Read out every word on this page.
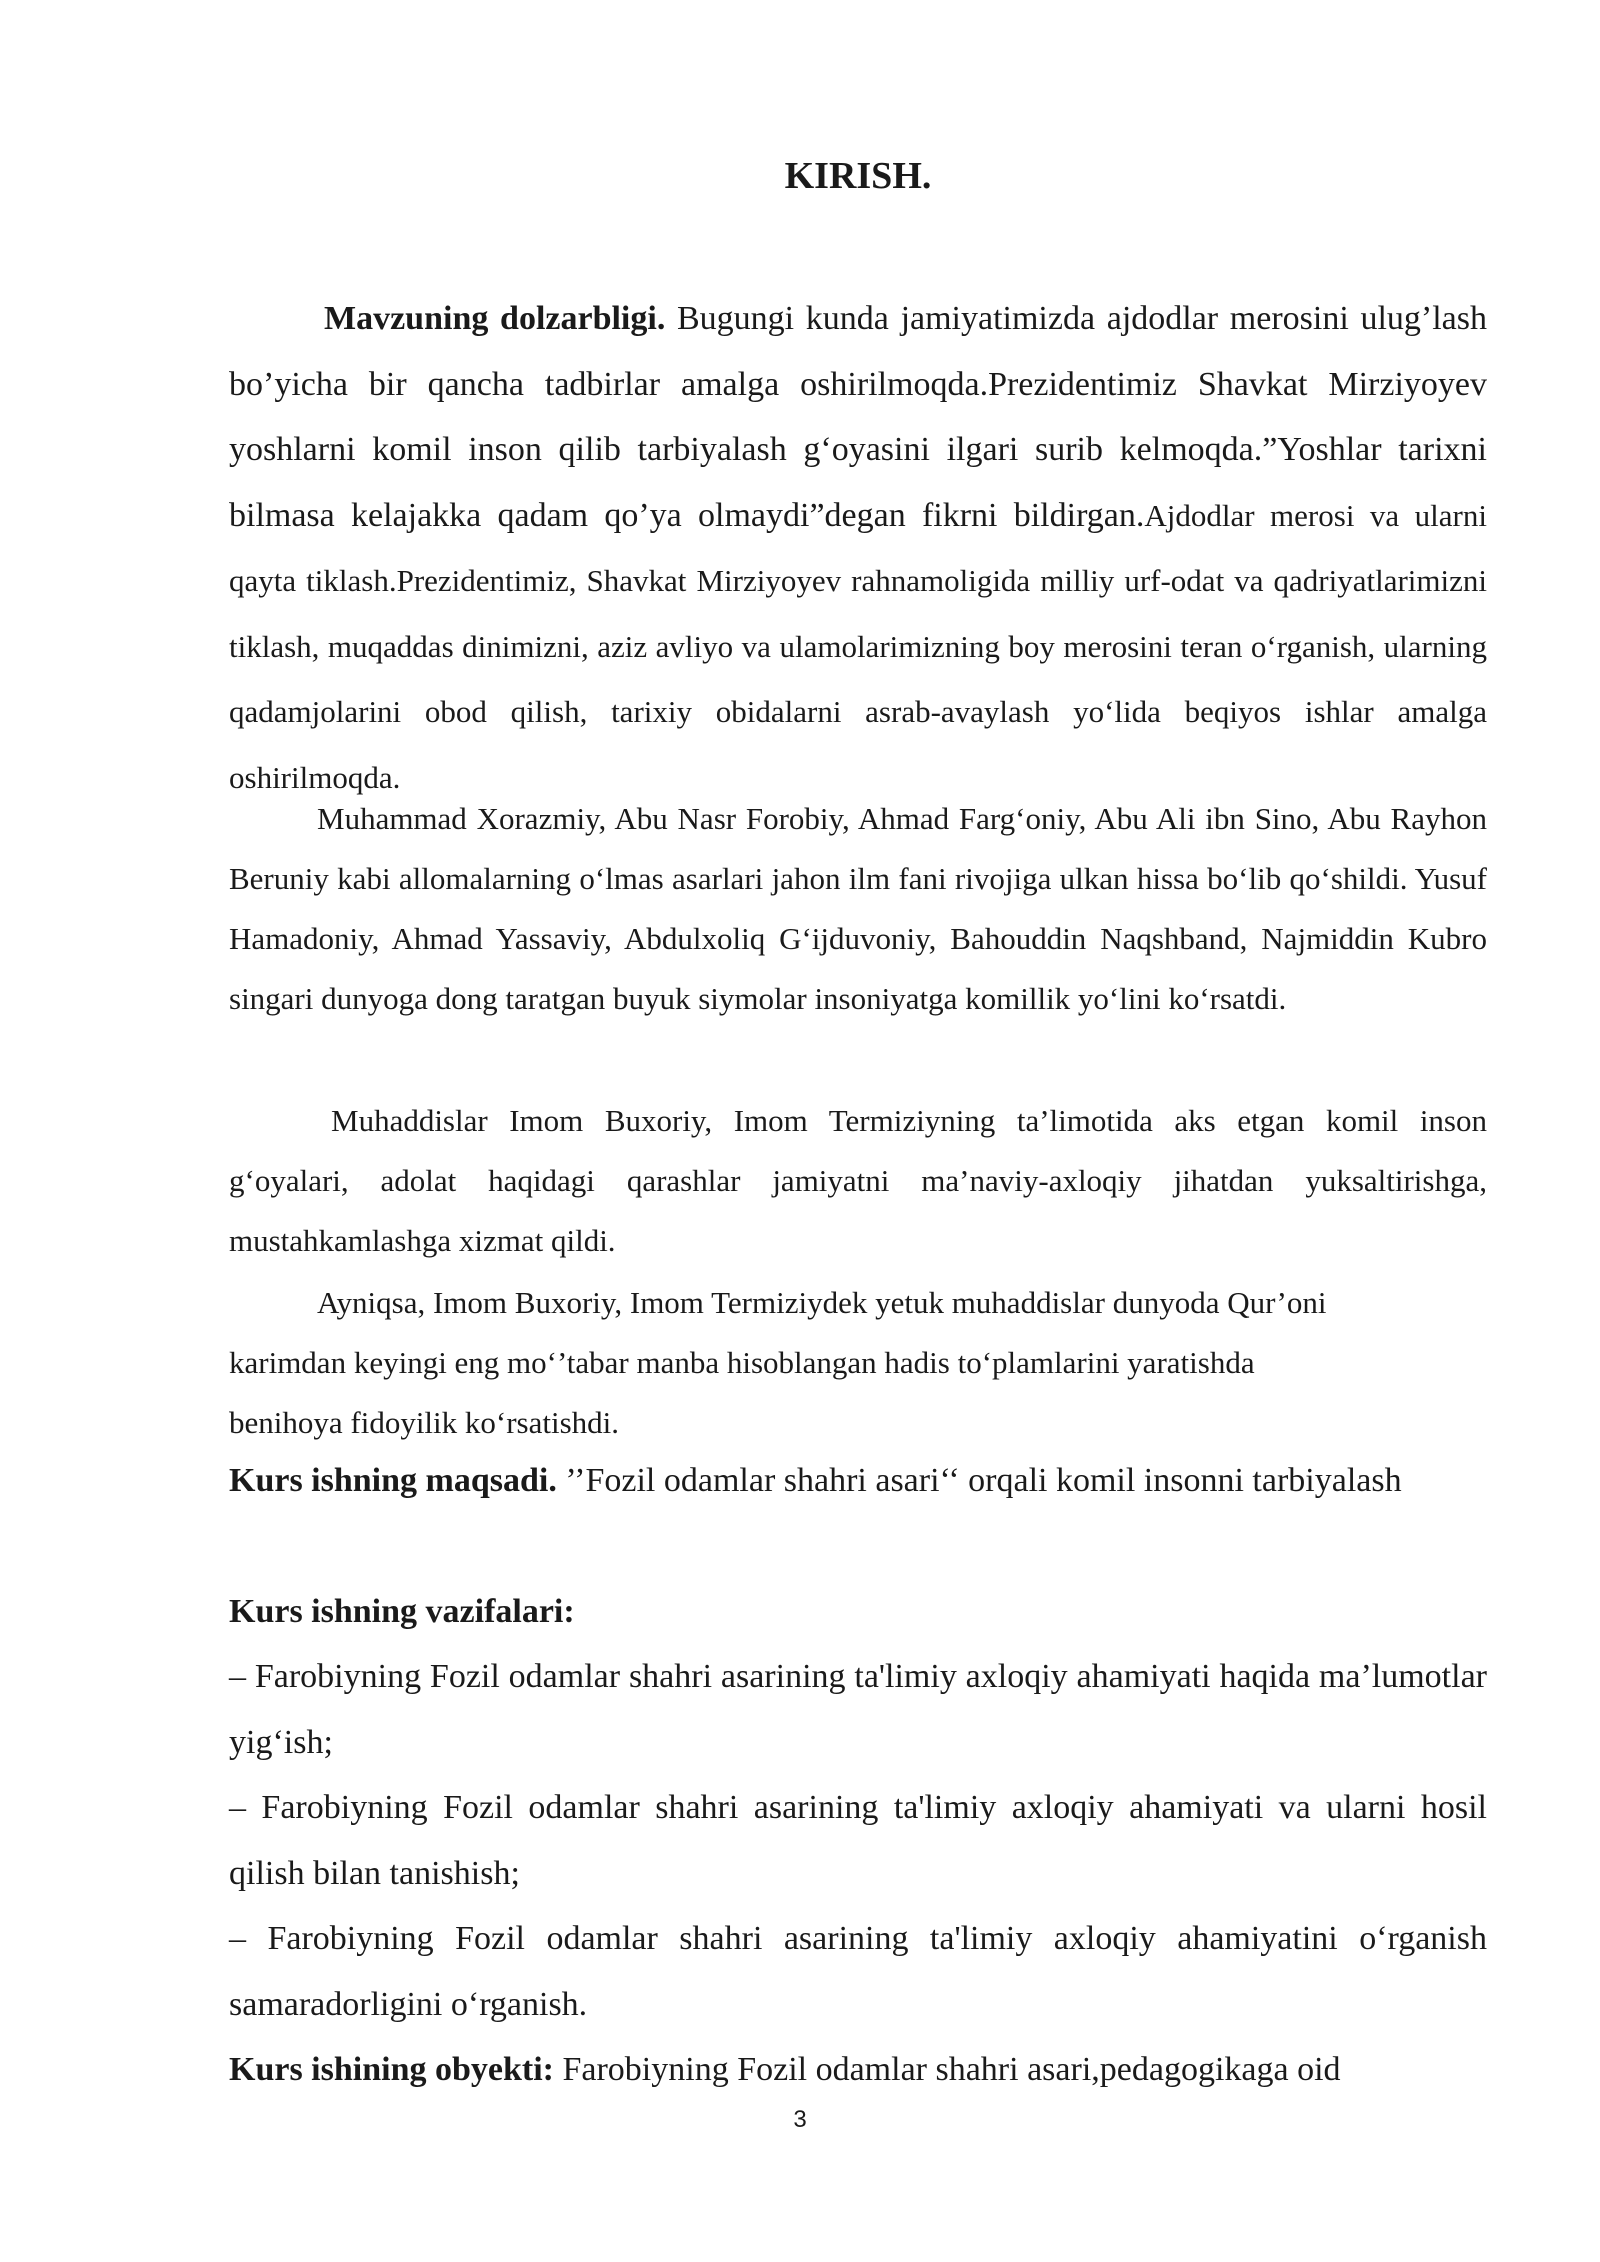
KIRISH.
Mavzuning dolzarbligi. Bugungi kunda jamiyatimizda ajdodlar merosini ulug’lash bo’yicha bir qancha tadbirlar amalga oshirilmoqda.Prezidentimiz Shavkat Mirziyoyev yoshlarni komil inson qilib tarbiyalash g‘oyasini ilgari surib kelmoqda.”Yoshlar tarixni bilmasa kelajakka qadam qo’ya olmaydi”degan fikrni bildirgan.Ajdodlar merosi va ularni qayta tiklash.Prezidentimiz, Shavkat Mirziyoyev rahnamoligida milliy urf-odat va qadriyatlarimizni tiklash, muqaddas dinimizni, aziz avliyo va ulamolarimizning boy merosini teran o‘rganish, ularning qadamjolarini obod qilish, tarixiy obidalarni asrab-avaylash yo‘lida beqiyos ishlar amalga oshirilmoqda.
Muhammad Xorazmiy, Abu Nasr Forobiy, Ahmad Farg‘oniy, Abu Ali ibn Sino, Abu Rayhon Beruniy kabi allomalarning o‘lmas asarlari jahon ilm fani rivojiga ulkan hissa bo‘lib qo‘shildi. Yusuf Hamadoniy, Ahmad Yassaviy, Abdulxoliq G‘ijduvoniy, Bahouddin Naqshband, Najmiddin Kubro singari dunyoga dong taratgan buyuk siymolar insoniyatga komillik yo‘lini ko‘rsatdi.
Muhaddislar Imom Buxoriy, Imom Termiziyning ta’limotida aks etgan komil inson g‘oyalari, adolat haqidagi qarashlar jamiyatni ma’naviy-axloqiy jihatdan yuksaltirishga, mustahkamlashga xizmat qildi.
Ayniqsa, Imom Buxoriy, Imom Termiziydek yetuk muhaddislar dunyoda Qur’oni
karimdan keyingi eng mo‘’tabar manba hisoblangan hadis to‘plamlarini yaratishda
benihoya fidoyilik ko‘rsatishdi.
Kurs ishning maqsadi. ’’Fozil odamlar shahri asari‘‘ orqali komil insonni tarbiyalash
Kurs ishning vazifalari:
– Farobiyning Fozil odamlar shahri asarining ta'limiy axloqiy ahamiyati haqida ma’lumotlar yig‘ish;
– Farobiyning Fozil odamlar shahri asarining ta'limiy axloqiy ahamiyati va ularni hosil qilish bilan tanishish;
– Farobiyning Fozil odamlar shahri asarining ta'limiy axloqiy ahamiyatini o‘rganish samaradorligini o‘rganish.
Kurs ishining obyekti: Farobiyning Fozil odamlar shahri asari,pedagogikaga oid
3
